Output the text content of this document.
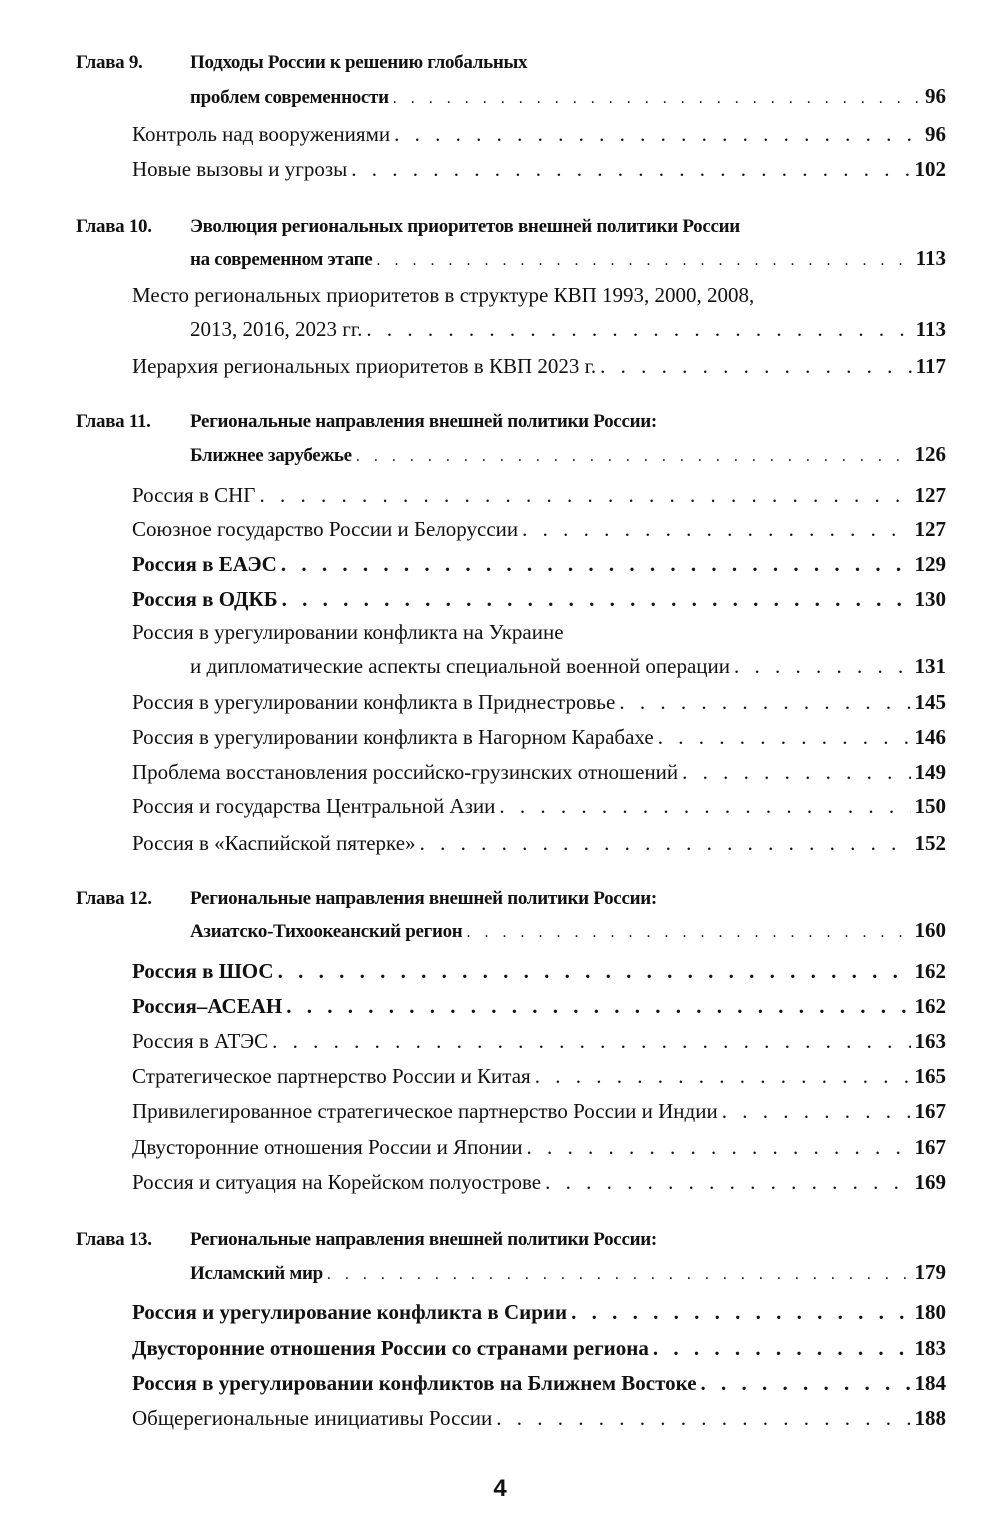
Глава 9.	Подходы России к решению глобальных
проблем современности . . .	96
Контроль над вооружениями . . .	96
Новые вызовы и угрозы . . .	102
Глава 10. Эволюция региональных приоритетов внешней политики России
на современном этапе . . .	113
Место региональных приоритетов в структуре КВП 1993, 2000, 2008,
2013, 2016, 2023 гг. . . .	113
Иерархия региональных приоритетов в КВП 2023 г. . . .	117
Глава 11. Региональные направления внешней политики России:
Ближнее зарубежье . . .	126
Россия в СНГ . . .	127
Союзное государство России и Белоруссии . . .	127
Россия в ЕАЭС . . .	129
Россия в ОДКБ . . .	130
Россия в урегулировании конфликта на Украине
и дипломатические аспекты специальной военной операции . . .	131
Россия в урегулировании конфликта в Приднестровье . . .	145
Россия в урегулировании конфликта в Нагорном Карабахе . . .	146
Проблема восстановления российско-грузинских отношений . . .	149
Россия и государства Центральной Азии . . .	150
Россия в «Каспийской пятерке» . . .	152
Глава 12. Региональные направления внешней политики России:
Азиатско-Тихоокеанский регион . . .	160
Россия в ШОС . . .	162
Россия–АСЕАН . . .	162
Россия в АТЭС . . .	163
Стратегическое партнерство России и Китая . . .	165
Привилегированное стратегическое партнерство России и Индии . . .	167
Двусторонние отношения России и Японии . . .	167
Россия и ситуация на Корейском полуострове . . .	169
Глава 13. Региональные направления внешней политики России:
Исламский мир . . .	179
Россия и урегулирование конфликта в Сирии . . .	180
Двусторонние отношения России со странами региона . . .	183
Россия в урегулировании конфликтов на Ближнем Востоке . . .	184
Общерегиональные инициативы России . . .	188
4
